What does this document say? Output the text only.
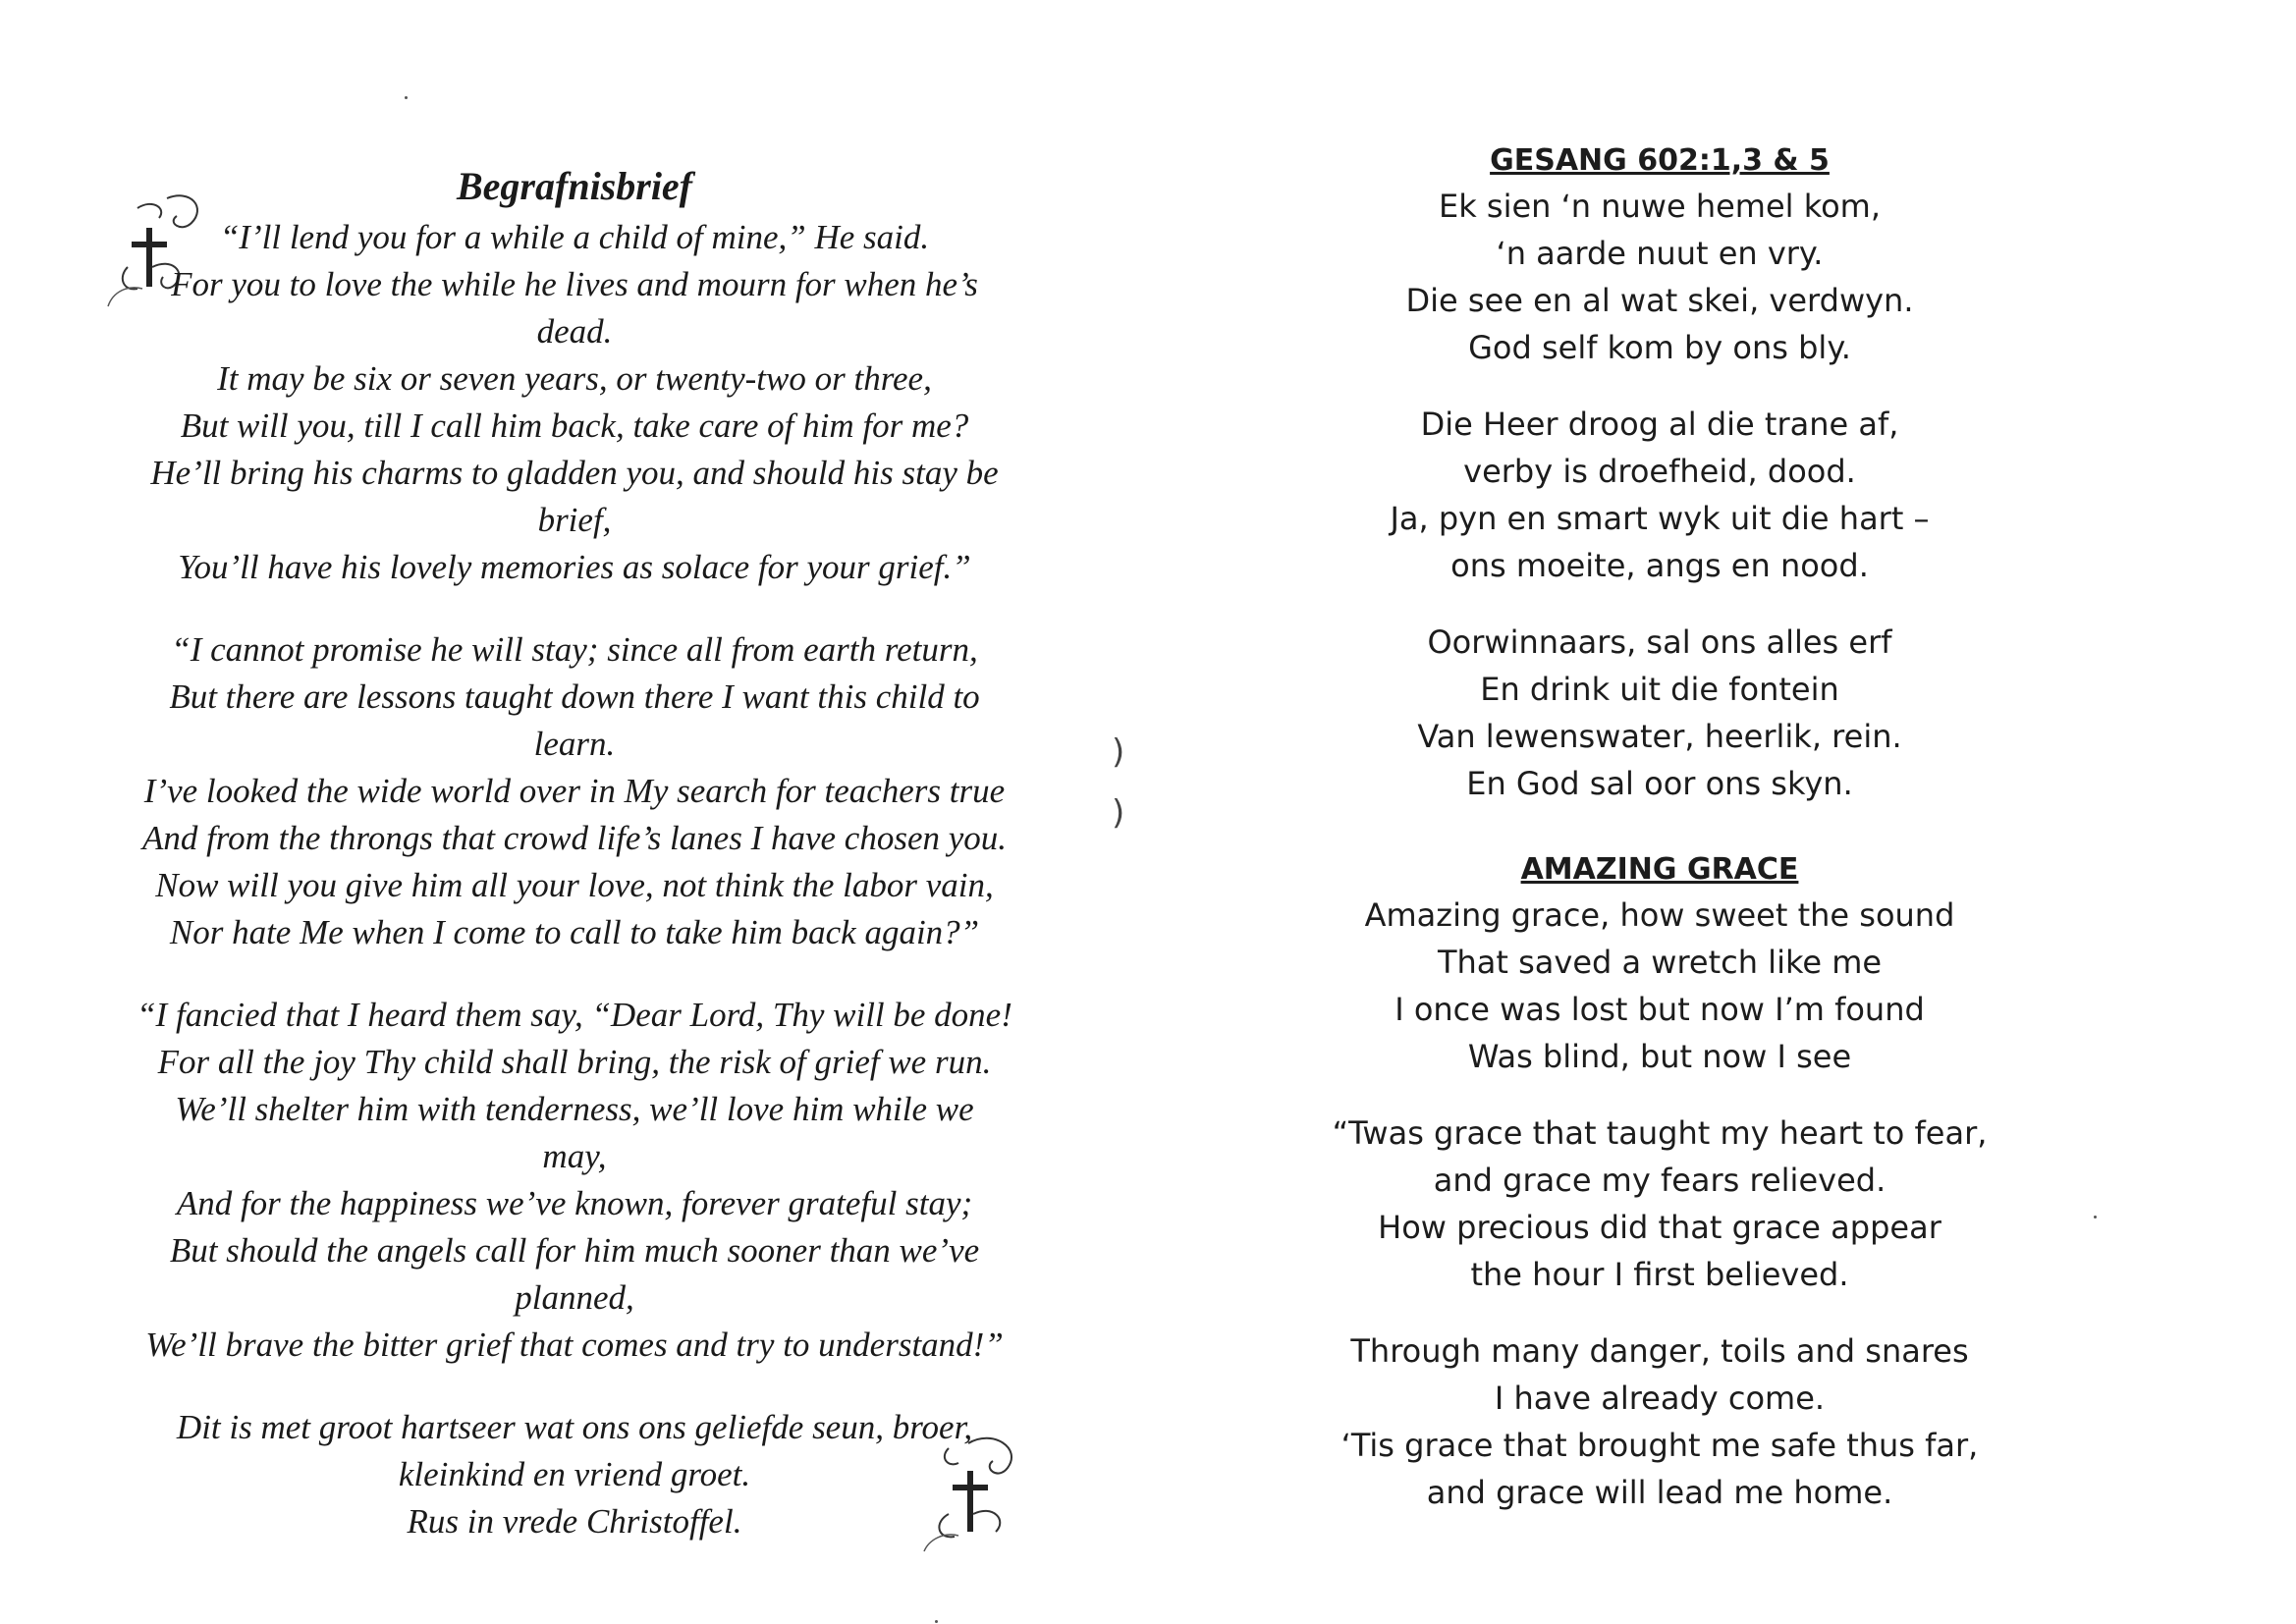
Begrafnisbrief
“I’ll lend you for a while a child of mine,” He said.
For you to love the while he lives and mourn for when he’s
dead.
It may be six or seven years, or twenty-two or three,
But will you, till I call him back, take care of him for me?
He’ll bring his charms to gladden you, and should his stay be
brief,
You’ll have his lovely memories as solace for your grief.”
“I cannot promise he will stay; since all from earth return,
But there are lessons taught down there I want this child to
learn.
I’ve looked the wide world over in My search for teachers true
And from the throngs that crowd life’s lanes I have chosen you.
Now will you give him all your love, not think the labor vain,
Nor hate Me when I come to call to take him back again?”
“I fancied that I heard them say, “Dear Lord, Thy will be done!
For all the joy Thy child shall bring, the risk of grief we run.
We’ll shelter him with tenderness, we’ll love him while we
may,
And for the happiness we’ve known, forever grateful stay;
But should the angels call for him much sooner than we’ve
planned,
We’ll brave the bitter grief that comes and try to understand!”
Dit is met groot hartseer wat ons ons geliefde seun, broer,
kleinkind en vriend groet.
Rus in vrede Christoffel.
)
)
GESANG 602:1,3 & 5
Ek sien ‘n nuwe hemel kom,
‘n aarde nuut en vry.
Die see en al wat skei, verdwyn.
God self kom by ons bly.
Die Heer droog al die trane af,
verby is droefheid, dood.
Ja, pyn en smart wyk uit die hart –
ons moeite, angs en nood.
Oorwinnaars, sal ons alles erf
En drink uit die fontein
Van lewenswater, heerlik, rein.
En God sal oor ons skyn.
AMAZING GRACE
Amazing grace, how sweet the sound
That saved a wretch like me
I once was lost but now I’m found
Was blind, but now I see
“Twas grace that taught my heart to fear,
and grace my fears relieved.
How precious did that grace appear
the hour I first believed.
Through many danger, toils and snares
I have already come.
‘Tis grace that brought me safe thus far,
and grace will lead me home.
